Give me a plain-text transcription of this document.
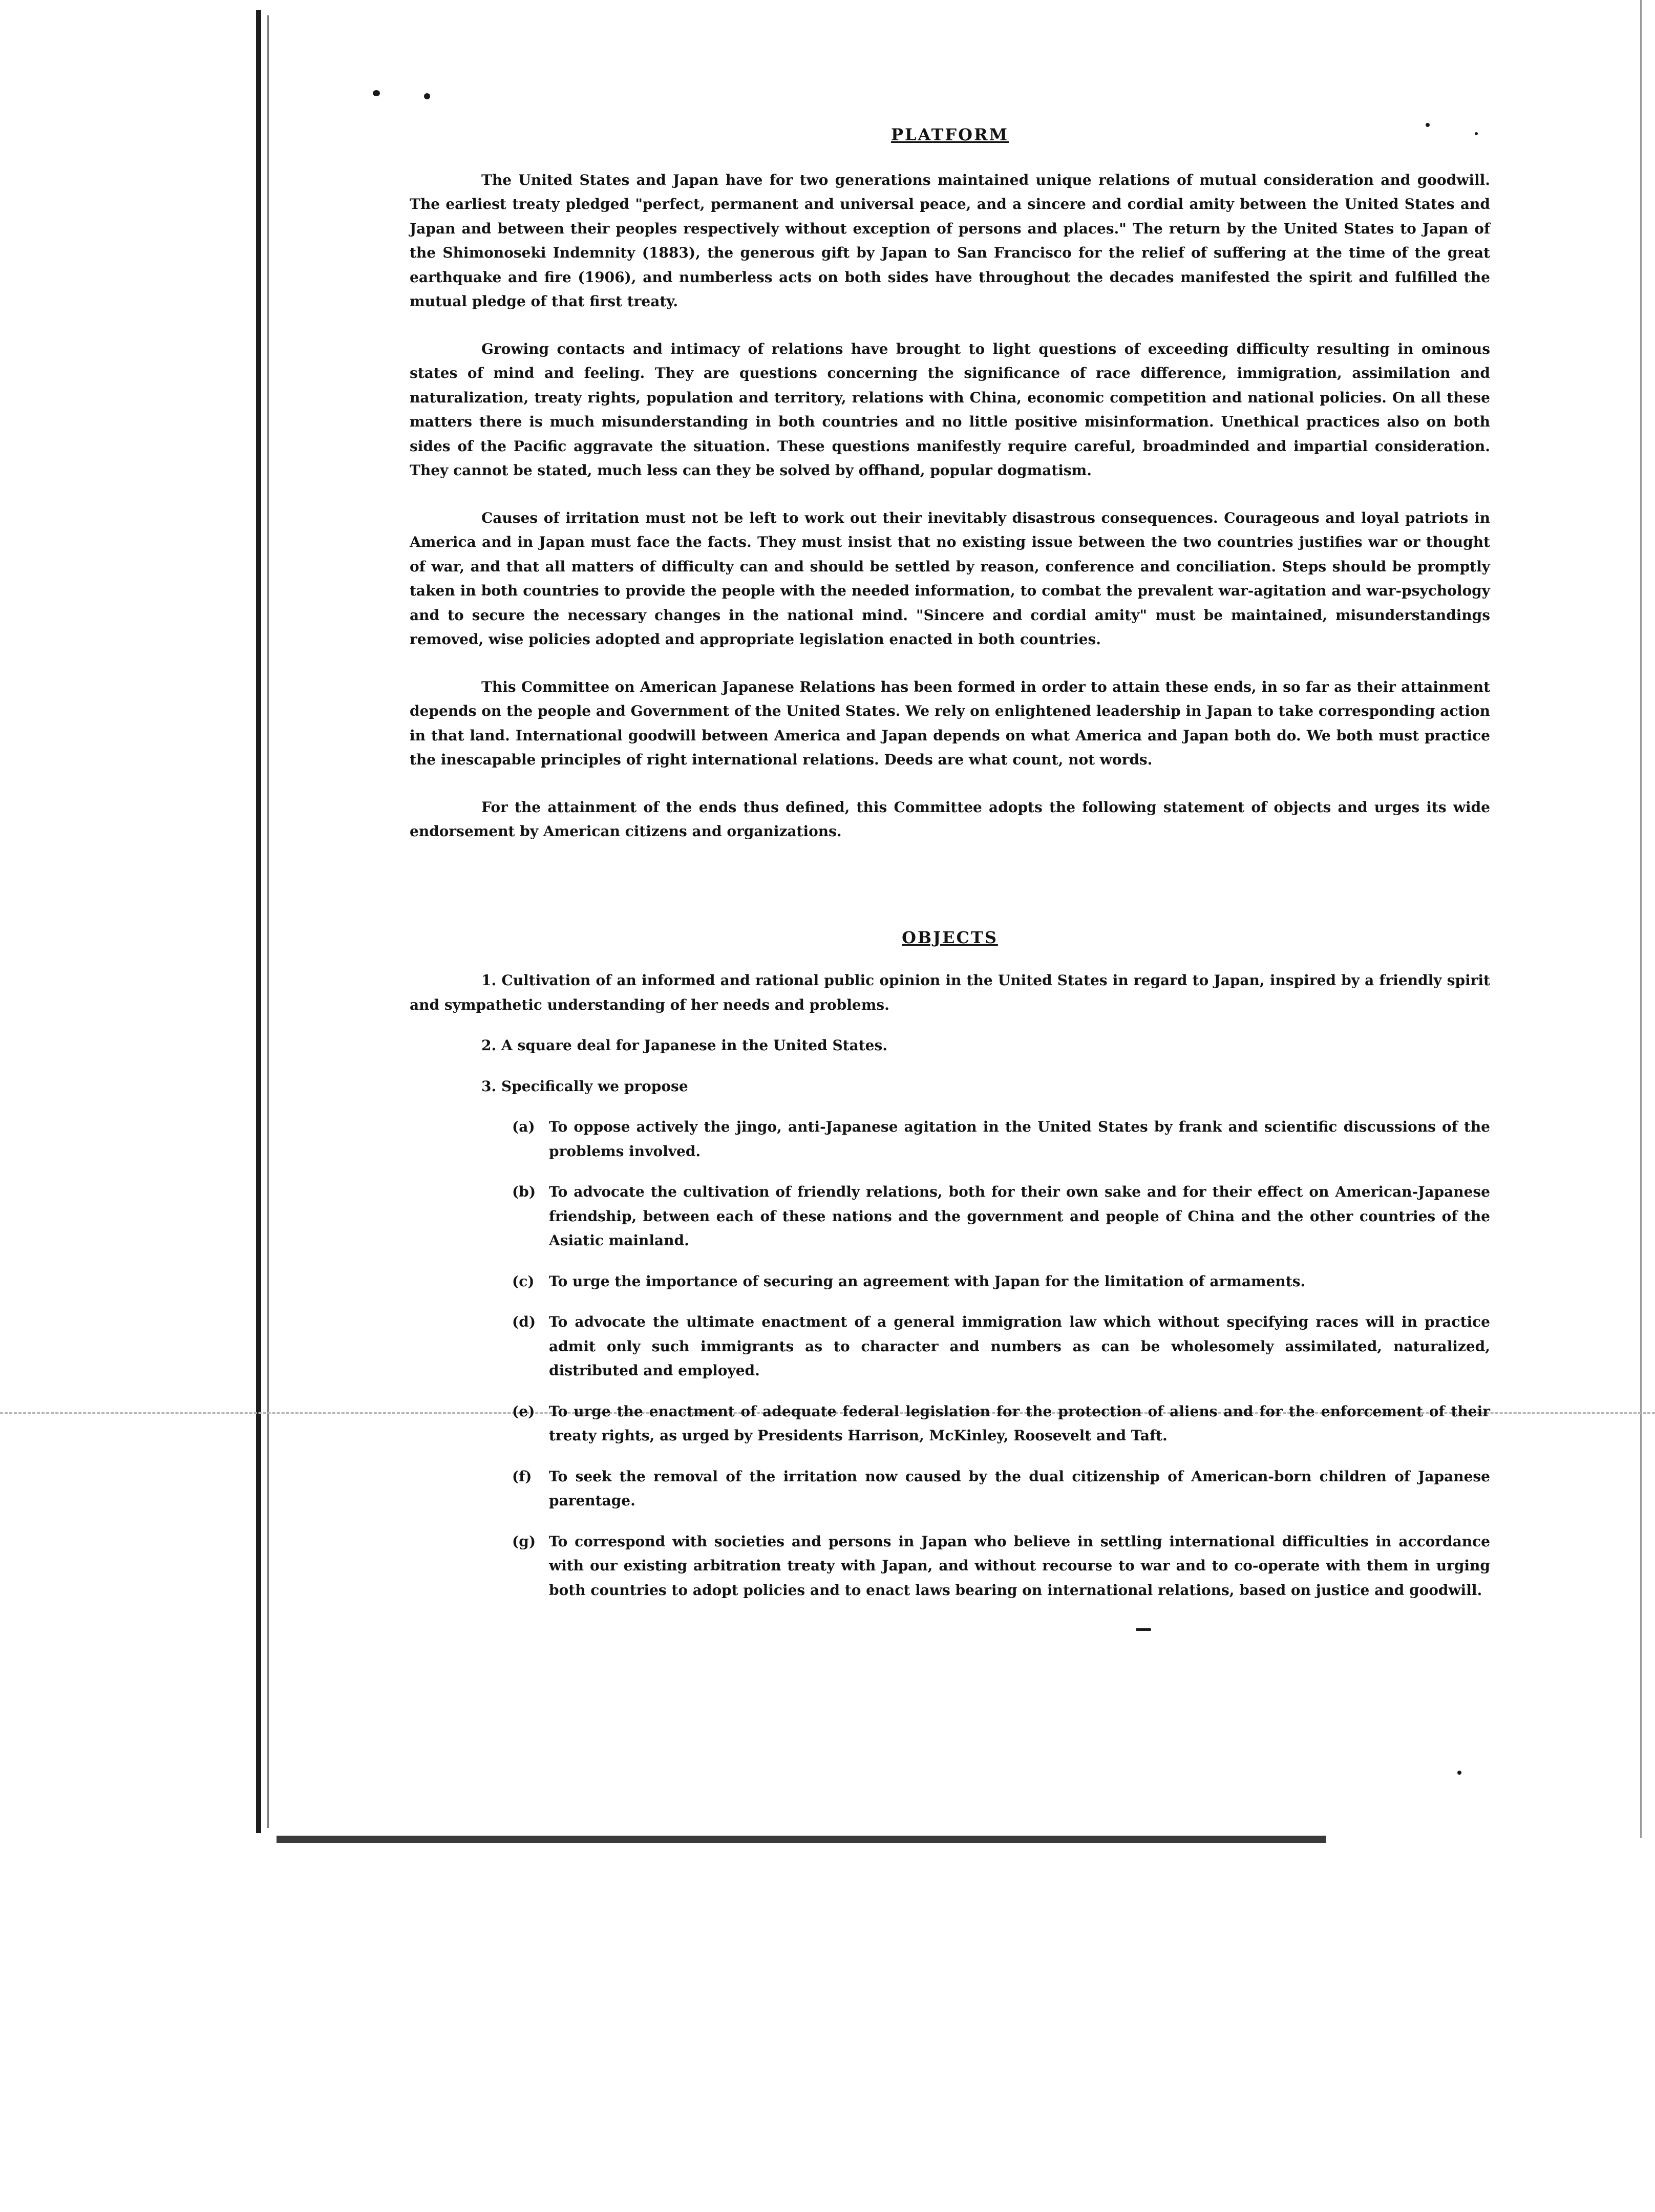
PLATFORM

The United States and Japan have for two generations maintained unique relations of mutual consideration and goodwill. The earliest treaty pledged "perfect, permanent and universal peace, and a sincere and cordial amity between the United States and Japan and between their peoples respectively without exception of persons and places." The return by the United States to Japan of the Shimonoseki Indemnity (1883), the generous gift by Japan to San Francisco for the relief of suffering at the time of the great earthquake and fire (1906), and numberless acts on both sides have throughout the decades manifested the spirit and fulfilled the mutual pledge of that first treaty.

Growing contacts and intimacy of relations have brought to light questions of exceeding difficulty resulting in ominous states of mind and feeling. They are questions concerning the significance of race difference, immigration, assimilation and naturalization, treaty rights, population and territory, relations with China, economic competition and national policies. On all these matters there is much misunderstanding in both countries and no little positive misinformation. Unethical practices also on both sides of the Pacific aggravate the situation. These questions manifestly require careful, broadminded and impartial consideration. They cannot be stated, much less can they be solved by offhand, popular dogmatism.

Causes of irritation must not be left to work out their inevitably disastrous consequences. Courageous and loyal patriots in America and in Japan must face the facts. They must insist that no existing issue between the two countries justifies war or thought of war, and that all matters of difficulty can and should be settled by reason, conference and conciliation. Steps should be promptly taken in both countries to provide the people with the needed information, to combat the prevalent war-agitation and war-psychology and to secure the necessary changes in the national mind. "Sincere and cordial amity" must be maintained, misunderstandings removed, wise policies adopted and appropriate legislation enacted in both countries.

This Committee on American Japanese Relations has been formed in order to attain these ends, in so far as their attainment depends on the people and Government of the United States. We rely on enlightened leadership in Japan to take corresponding action in that land. International goodwill between America and Japan depends on what America and Japan both do. We both must practice the inescapable principles of right international relations. Deeds are what count, not words.

For the attainment of the ends thus defined, this Committee adopts the following statement of objects and urges its wide endorsement by American citizens and organizations.

OBJECTS

1. Cultivation of an informed and rational public opinion in the United States in regard to Japan, inspired by a friendly spirit and sympathetic understanding of her needs and problems.

2. A square deal for Japanese in the United States.

3. Specifically we propose

(a) To oppose actively the jingo, anti-Japanese agitation in the United States by frank and scientific discussions of the problems involved.
(b) To advocate the cultivation of friendly relations, both for their own sake and for their effect on American-Japanese friendship, between each of these nations and the government and people of China and the other countries of the Asiatic mainland.
(c)	To urge the importance of securing an agreement with Japan for the limitation of armaments.
(d) To advocate the ultimate enactment of a general immigration law which without specifying races will in practice admit only such immigrants as to character and numbers as can be wholesomely assimilated, naturalized, distributed and employed.
(e) To urge the enactment of adequate federal legislation for the protection of aliens and for the enforcement of their treaty rights, as urged by Presidents Harrison, McKinley, Roosevelt and Taft.
(f)	To seek the removal of the irritation now caused by the dual citizenship of American-born children of Japanese parentage.
(g) To correspond with societies and persons in Japan who believe in settling international difficulties in accordance with our existing arbitration treaty with Japan, and without recourse to war and to co-operate with them in urging both countries to adopt policies and to enact laws bearing on international relations, based on justice and goodwill.
